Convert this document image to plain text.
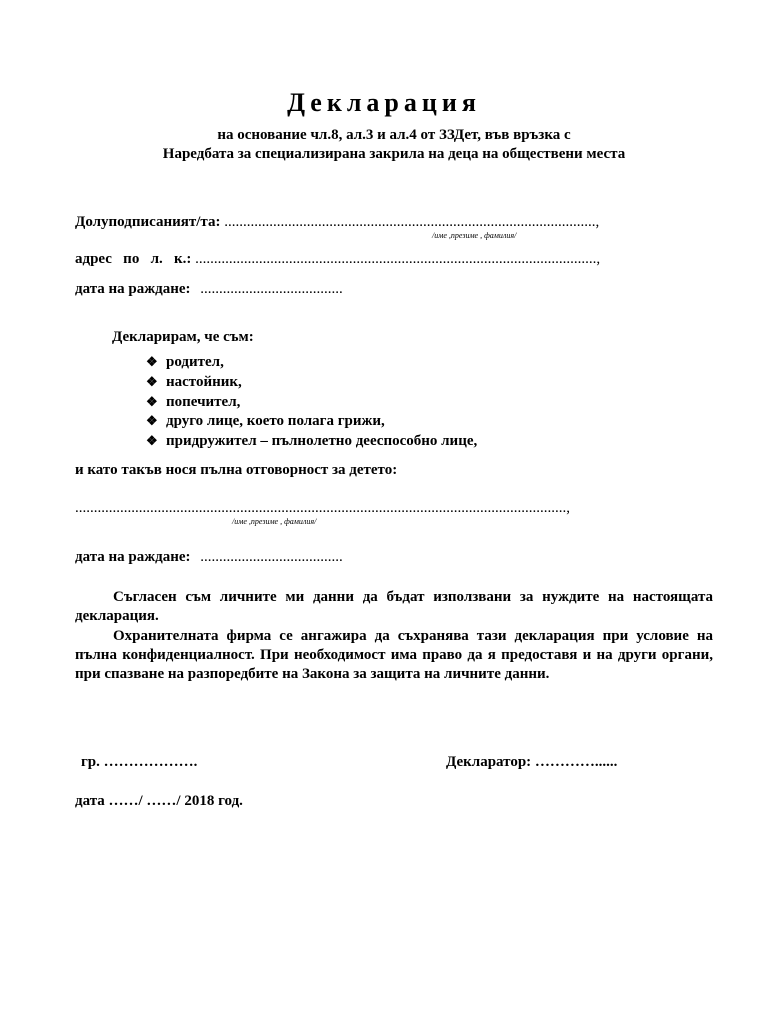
Декларация
на основание чл.8, ал.3 и ал.4 от ЗЗДет, във връзка с
Наредбата за специализирана закрила на деца на обществени места
Долуподписаният/та: ...................................................................................................,
/име ,презиме , фамилия/
адрес   по   л.   к.: ...........................................................................................................,
дата на раждане: ......................................
Декларирам, че съм:
❖ родител,
❖ настойник,
❖ попечител,
❖ друго лице, което полага грижи,
❖ придружител – пълнолетно дееспособно лице,
и като такъв нося пълна отговорност за детето:
...................................................................................................................................,
/име ,презиме , фамилия/
дата на раждане: ......................................
Съгласен съм личните ми данни да бъдат използвани за нуждите на настоящата декларация.
Охранителната фирма се ангажира да съхранява тази декларация при условие на пълна конфиденциалност. При необходимост има право да я предоставя и на други органи, при спазване на разпоредбите на Закона за защита на личните данни.
гр. ……………….	Декларатор: …………......
дата ……/ ……/ 2018 год.
